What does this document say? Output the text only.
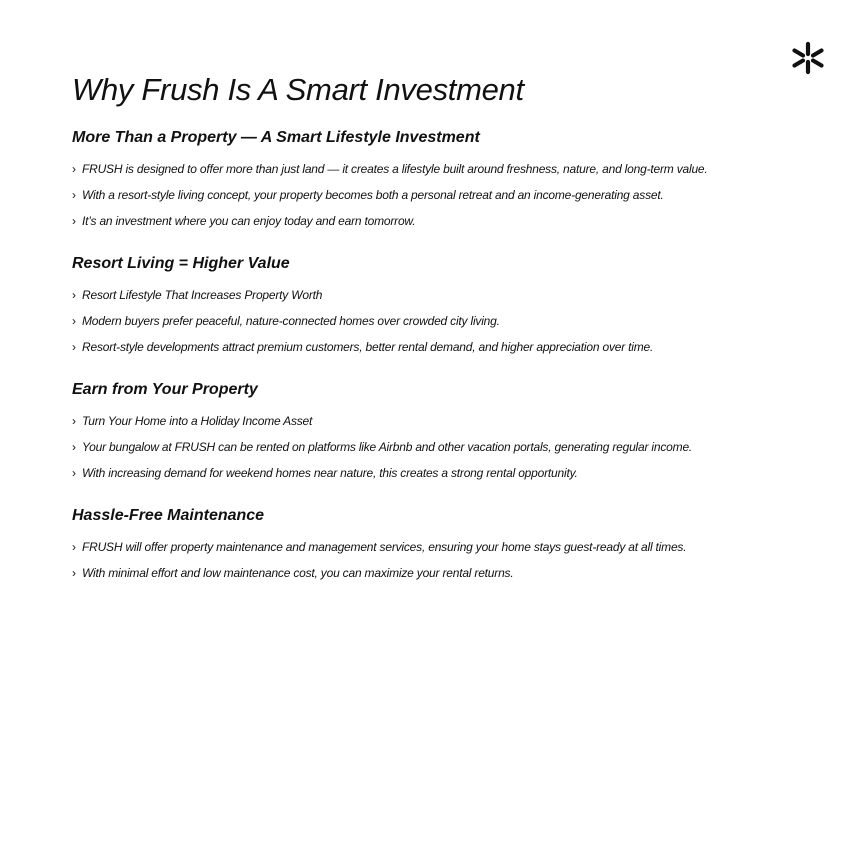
Why Frush Is A Smart Investment
More Than a Property — A Smart Lifestyle Investment
› FRUSH is designed to offer more than just land — it creates a lifestyle built around freshness, nature, and long-term value.
› With a resort-style living concept, your property becomes both a personal retreat and an income-generating asset.
› It’s an investment where you can enjoy today and earn tomorrow.
Resort Living = Higher Value
› Resort Lifestyle That Increases Property Worth
› Modern buyers prefer peaceful, nature-connected homes over crowded city living.
› Resort-style developments attract premium customers, better rental demand, and higher appreciation over time.
Earn from Your Property
› Turn Your Home into a Holiday Income Asset
› Your bungalow at FRUSH can be rented on platforms like Airbnb and other vacation portals, generating regular income.
› With increasing demand for weekend homes near nature, this creates a strong rental opportunity.
Hassle-Free Maintenance
› FRUSH will offer property maintenance and management services, ensuring your home stays guest-ready at all times.
› With minimal effort and low maintenance cost, you can maximize your rental returns.
